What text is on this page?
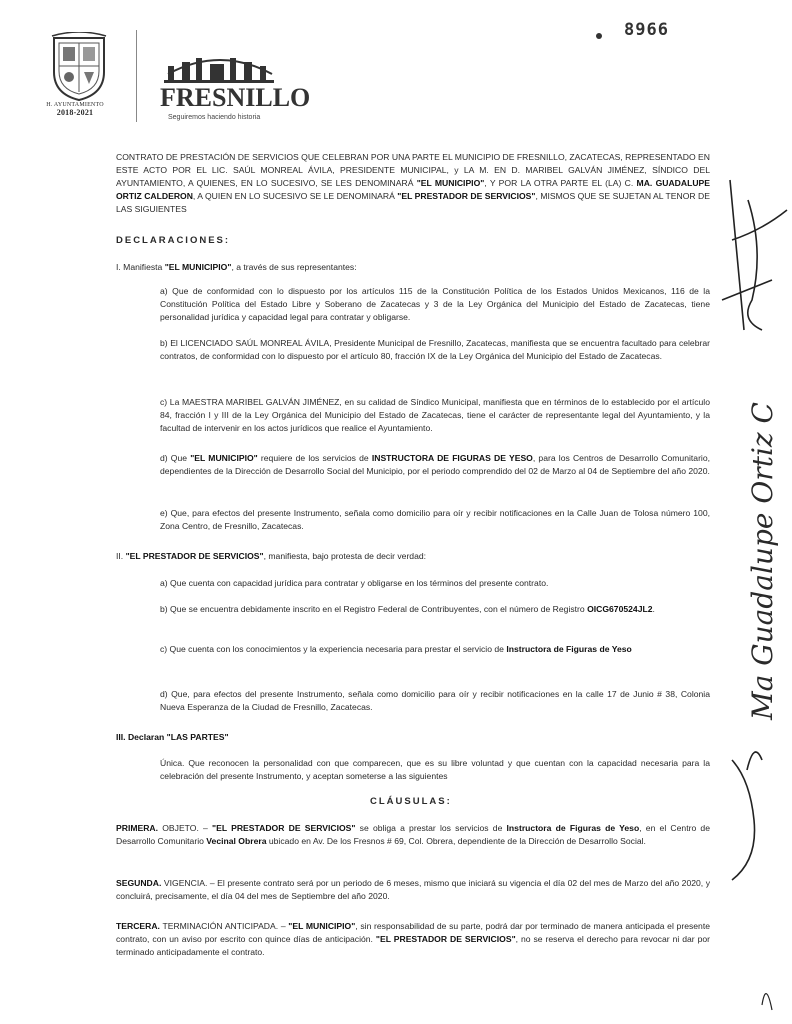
H. AYUNTAMIENTO
2018-2021
FRESNILLO
Seguiremos haciendo historia
8966
CONTRATO DE PRESTACIÓN DE SERVICIOS QUE CELEBRAN POR UNA PARTE EL MUNICIPIO DE FRESNILLO, ZACATECAS, REPRESENTADO EN ESTE ACTO POR EL LIC. SAÚL MONREAL ÁVILA, PRESIDENTE MUNICIPAL, y LA M. EN D. MARIBEL GALVÁN JIMÉNEZ, SÍNDICO DEL AYUNTAMIENTO, A QUIENES, EN LO SUCESIVO, SE LES DENOMINARÁ "EL MUNICIPIO", Y POR LA OTRA PARTE EL (LA) C. MA. GUADALUPE ORTIZ CALDERON, A QUIEN EN LO SUCESIVO SE LE DENOMINARÁ "EL PRESTADOR DE SERVICIOS", MISMOS QUE SE SUJETAN AL TENOR DE LAS SIGUIENTES
DECLARACIONES:
I. Manifiesta "EL MUNICIPIO", a través de sus representantes:
a) Que de conformidad con lo dispuesto por los artículos 115 de la Constitución Política de los Estados Unidos Mexicanos, 116 de la Constitución Política del Estado Libre y Soberano de Zacatecas y 3 de la Ley Orgánica del Municipio del Estado de Zacatecas, tiene personalidad jurídica y capacidad legal para contratar y obligarse.
b) El LICENCIADO SAÚL MONREAL ÁVILA, Presidente Municipal de Fresnillo, Zacatecas, manifiesta que se encuentra facultado para celebrar contratos, de conformidad con lo dispuesto por el artículo 80, fracción IX de la Ley Orgánica del Municipio del Estado de Zacatecas.
c) La MAESTRA MARIBEL GALVÁN JIMÉNEZ, en su calidad de Síndico Municipal, manifiesta que en términos de lo establecido por el artículo 84, fracción I y III de la Ley Orgánica del Municipio del Estado de Zacatecas, tiene el carácter de representante legal del Ayuntamiento, y la facultad de intervenir en los actos jurídicos que realice el Ayuntamiento.
d) Que "EL MUNICIPIO" requiere de los servicios de INSTRUCTORA DE FIGURAS DE YESO, para los Centros de Desarrollo Comunitario, dependientes de la Dirección de Desarrollo Social del Municipio, por el periodo comprendido del 02 de Marzo al 04 de Septiembre del año 2020.
e) Que, para efectos del presente Instrumento, señala como domicilio para oír y recibir notificaciones en la Calle Juan de Tolosa número 100, Zona Centro, de Fresnillo, Zacatecas.
II. "EL PRESTADOR DE SERVICIOS", manifiesta, bajo protesta de decir verdad:
a) Que cuenta con capacidad jurídica para contratar y obligarse en los términos del presente contrato.
b) Que se encuentra debidamente inscrito en el Registro Federal de Contribuyentes, con el número de Registro OICG670524JL2.
c) Que cuenta con los conocimientos y la experiencia necesaria para prestar el servicio de Instructora de Figuras de Yeso
d) Que, para efectos del presente Instrumento, señala como domicilio para oír y recibir notificaciones en la calle 17 de Junio # 38, Colonia Nueva Esperanza de la Ciudad de Fresnillo, Zacatecas.
III. Declaran "LAS PARTES"
Única. Que reconocen la personalidad con que comparecen, que es su libre voluntad y que cuentan con la capacidad necesaria para la celebración del presente Instrumento, y aceptan someterse a las siguientes
CLÁUSULAS:
PRIMERA. OBJETO. – "EL PRESTADOR DE SERVICIOS" se obliga a prestar los servicios de Instructora de Figuras de Yeso, en el Centro de Desarrollo Comunitario Vecinal Obrera ubicado en Av. De los Fresnos # 69, Col. Obrera, dependiente de la Dirección de Desarrollo Social.
SEGUNDA. VIGENCIA. – El presente contrato será por un periodo de 6 meses, mismo que iniciará su vigencia el día 02 del mes de Marzo del año 2020, y concluirá, precisamente, el día 04 del mes de Septiembre del año 2020.
TERCERA. TERMINACIÓN ANTICIPADA. – "EL MUNICIPIO", sin responsabilidad de su parte, podrá dar por terminado de manera anticipada el presente contrato, con un aviso por escrito con quince días de anticipación. "EL PRESTADOR DE SERVICIOS", no se reserva el derecho para revocar ni dar por terminado anticipadamente el contrato.
Ma Guadalupe Ortiz C
